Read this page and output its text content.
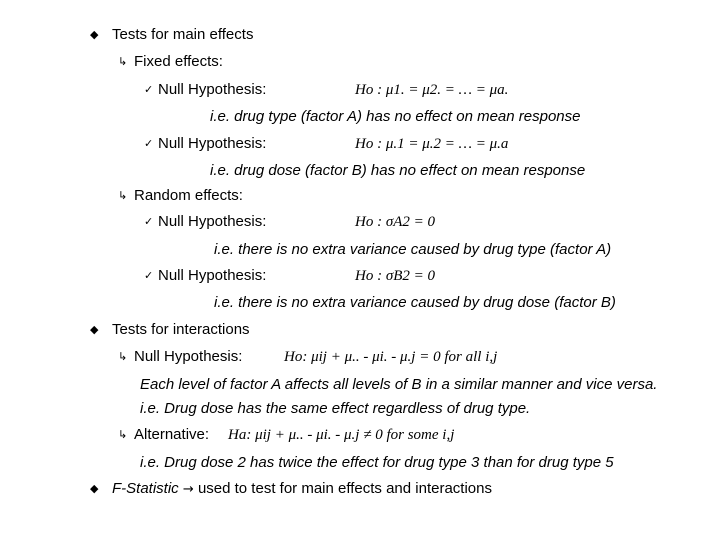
◆ Tests for main effects
↳ Fixed effects:
✓ Null Hypothesis:	Ho : μ1. = μ2. = … = μa.
i.e. drug type (factor A) has no effect on mean response
✓ Null Hypothesis:	Ho : μ.1 = μ.2 = … = μ.a
i.e. drug dose (factor B) has no effect on mean response
↳ Random effects:
✓ Null Hypothesis:	Ho : σA2 = 0
i.e. there is no extra variance caused by drug type (factor A)
✓ Null Hypothesis:	Ho : σB2 = 0
i.e. there is no extra variance caused by drug dose (factor B)
◆ Tests for interactions
↳ Null Hypothesis:	Ho: μij + μ.. - μi. - μ.j = 0 for all i,j
Each level of factor A affects all levels of B in a similar manner and vice versa.
i.e. Drug dose has the same effect regardless of drug type.
↳ Alternative: Ha: μij + μ.. - μi. - μ.j ≠ 0 for some i,j
i.e. Drug dose 2 has twice the effect for drug type 3 than for drug type 5
◆ F-Statistic → used to test for main effects and interactions
